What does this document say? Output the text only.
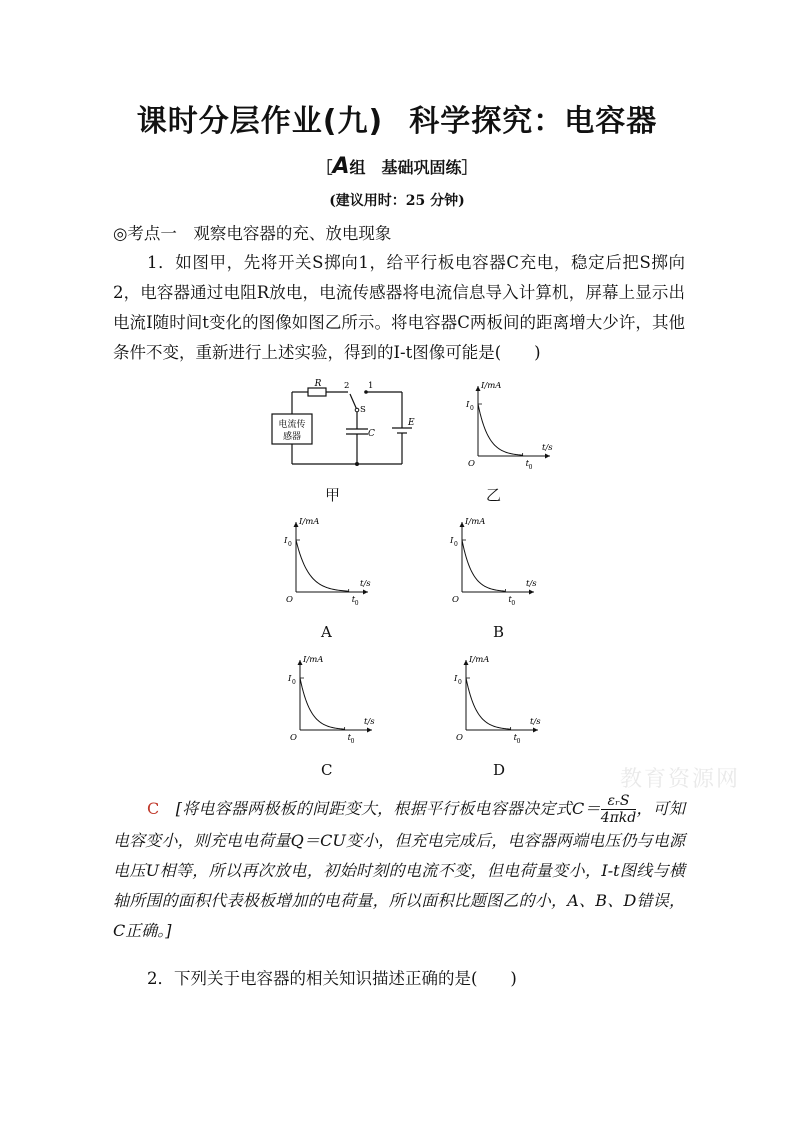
课时分层作业(九) 科学探究：电容器
［A组　基础巩固练］
(建议用时：25 分钟)
◎考点一　观察电容器的充、放电现象
1．如图甲，先将开关S掷向1，给平行板电容器C充电，稳定后把S掷向2，电容器通过电阻R放电，电流传感器将电流信息导入计算机，屏幕上显示出电流I随时间t变化的图像如图乙所示。将电容器C两板间的距离增大少许，其他条件不变，重新进行上述实验，得到的I-t图像可能是(　　)
R	2 1
S
C
E
电流传
感器
甲
I/mA
t/s
I 0
O	t 0
乙
I/mA
t/s
I 0
O	t 0
A
I/mA
t/s
I 0
O	t 0
B
I/mA
t/s
I 0
O	t 0
C
I/mA
t/s
I 0
O	t 0
D	教育资源网
C　 [将电容器两极板的间距变大，根据平行板电容器决定式$C= \frac{\text{εᵣS}}{\text{4πkd}}$ ，可知电容变小，则充电电荷量Q＝CU变小，但充电完成后，电容器两端电压仍与电源电压U相等，所以再次放电，初始时刻的电流不变，但电荷量变小，I-t图线与横轴所围的面积代表极板增加的电荷量，所以面积比题图乙的小，A、B、D错误，C正确。]
2．下列关于电容器的相关知识描述正确的是(　　)
